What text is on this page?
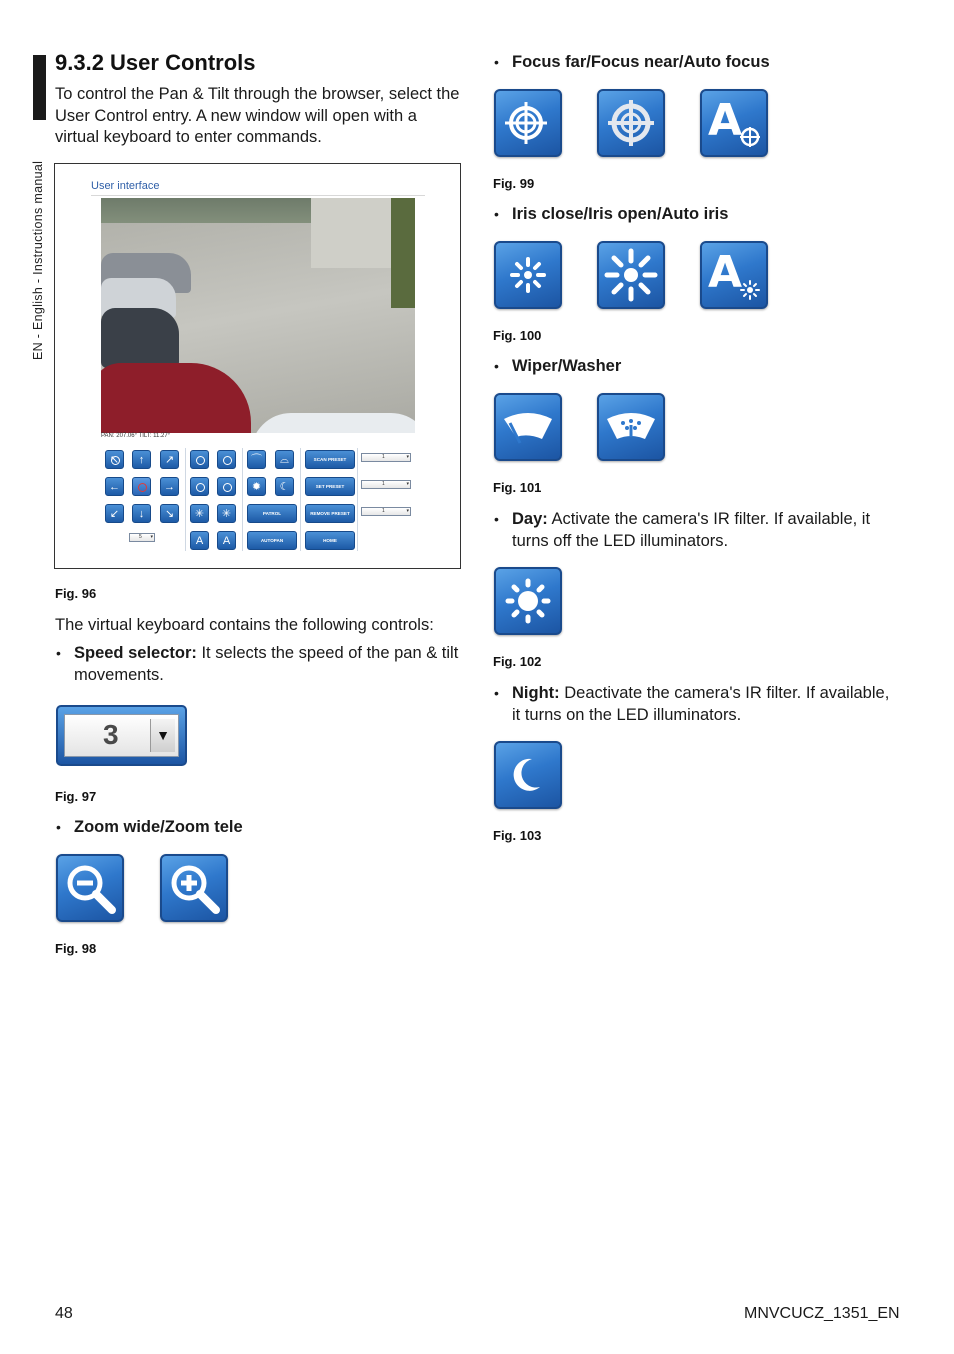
EN - English - Instructions manual
9.3.2 User Controls

To control the Pan & Tilt through the browser, select the User Control entry. A new window will open with a virtual keyboard to enter commands.

User interface
PAN: 207.06° TILT: 11.27°
↖	↑	↗
←	→
↙	↓	↘
5 ▾
✳	✳
A	A
⌒	⌓
✹	☾
PATROL
AUTOPAN
SCAN PRESET
SET PRESET
REMOVE PRESET
HOME
1 ▾
1 ▾
1 ▾
Fig. 96

The virtual keyboard contains the following controls:

• Speed selector: It selects the speed of the pan & tilt movements.
3	▼
Fig. 97
• Zoom wide/Zoom tele
Fig. 98
• Focus far/Focus near/Auto focus
A
Fig. 99
• Iris close/Iris open/Auto iris
A
Fig. 100
• Wiper/Washer
Fig. 101
• Day: Activate the camera's IR filter. If available, it turns off the LED illuminators.
Fig. 102
• Night: Deactivate the camera's IR filter. If available, it turns on the LED illuminators.
Fig. 103
48	MNVCUCZ_1351_EN
